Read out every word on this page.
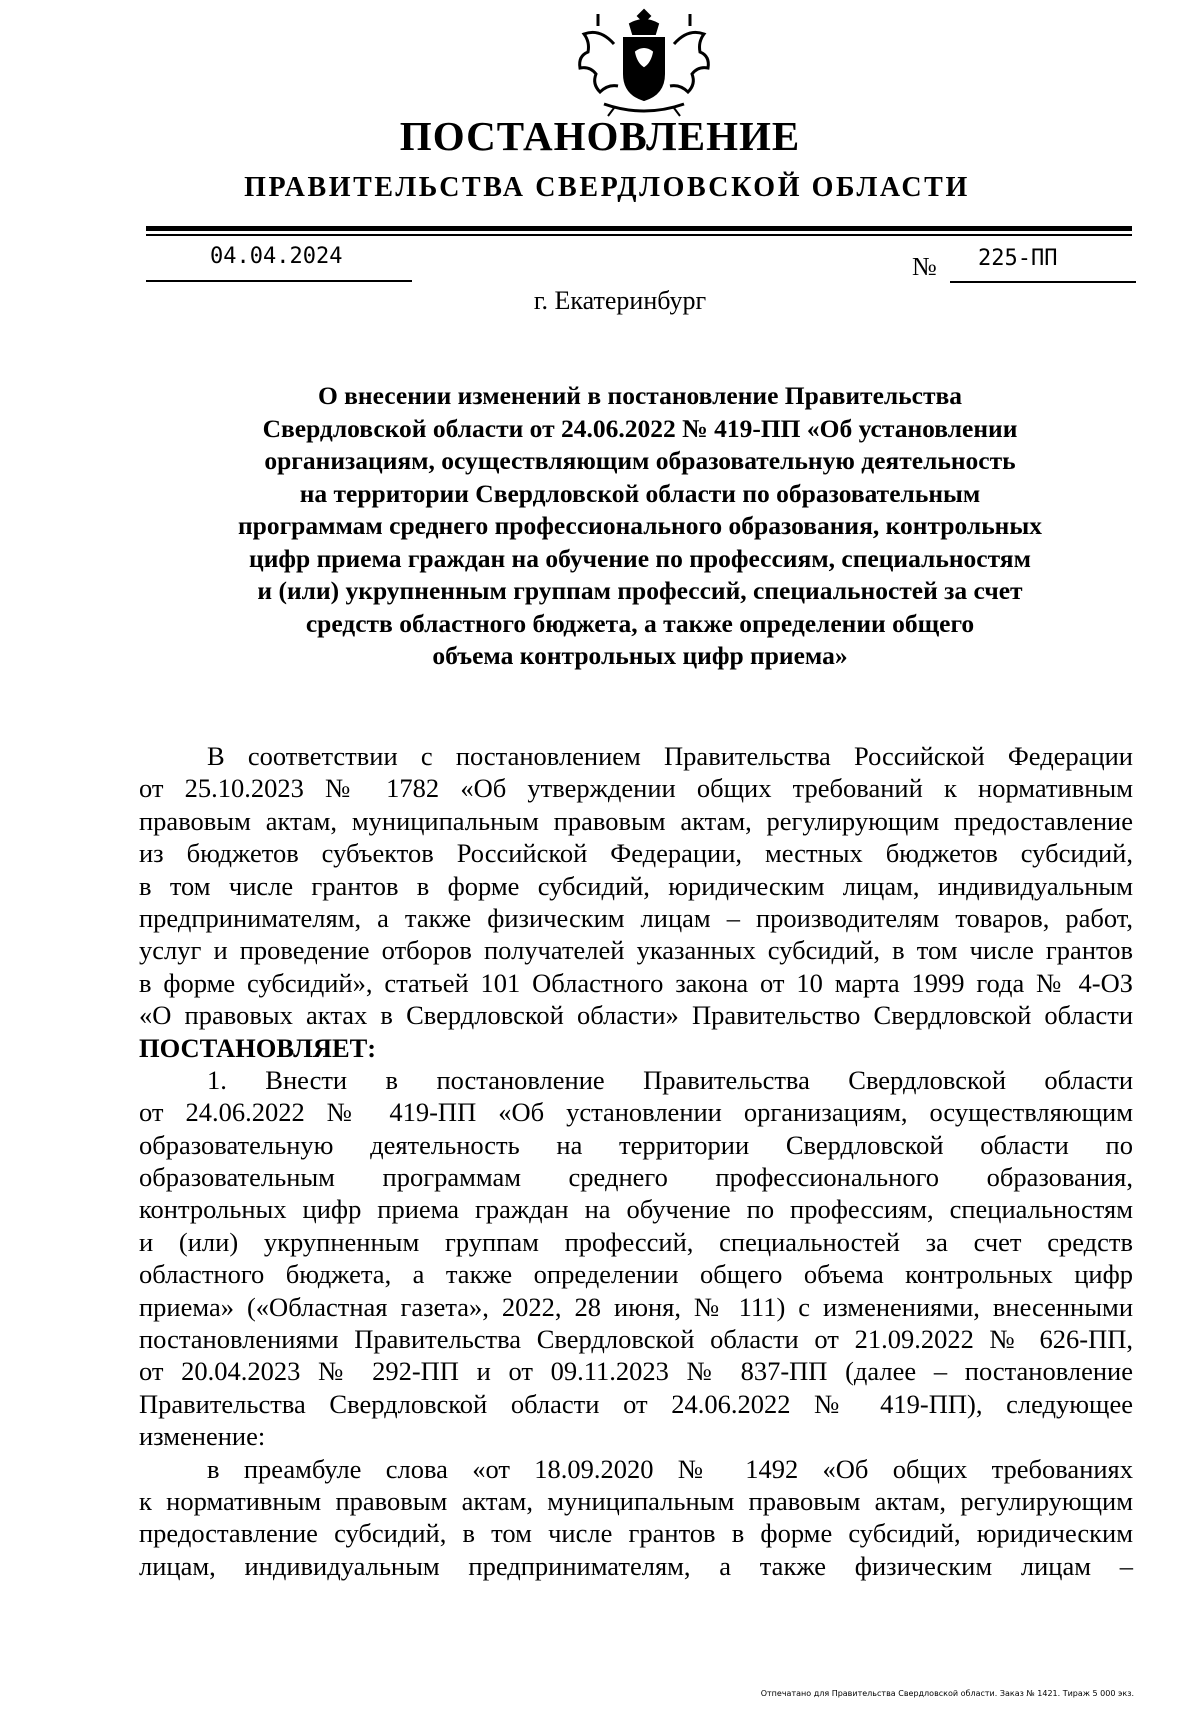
ПОСТАНОВЛЕНИЕ
ПРАВИТЕЛЬСТВА СВЕРДЛОВСКОЙ ОБЛАСТИ
04.04.2024	№ 225-ПП
г. Екатеринбург
О внесении изменений в постановление Правительства
Свердловской области от 24.06.2022 № 419-ПП «Об установлении
организациям, осуществляющим образовательную деятельность
на территории Свердловской области по образовательным
программам среднего профессионального образования, контрольных
цифр приема граждан на обучение по профессиям, специальностям
и (или) укрупненным группам профессий, специальностей за счет
средств областного бюджета, а также определении общего
объема контрольных цифр приема»
В соответствии с постановлением Правительства Российской Федерации
от 25.10.2023 № 1782 «Об утверждении общих требований к нормативным
правовым актам, муниципальным правовым актам, регулирующим предоставление
из бюджетов субъектов Российской Федерации, местных бюджетов субсидий,
в том числе грантов в форме субсидий, юридическим лицам, индивидуальным
предпринимателям, а также физическим лицам – производителям товаров, работ,
услуг и проведение отборов получателей указанных субсидий, в том числе грантов
в форме субсидий», статьей 101 Областного закона от 10 марта 1999 года № 4-ОЗ
«О правовых актах в Свердловской области» Правительство Свердловской области
ПОСТАНОВЛЯЕТ:
1. Внести в постановление Правительства Свердловской области
от 24.06.2022 № 419-ПП «Об установлении организациям, осуществляющим
образовательную деятельность на территории Свердловской области по
образовательным программам среднего профессионального образования,
контрольных цифр приема граждан на обучение по профессиям, специальностям
и (или) укрупненным группам профессий, специальностей за счет средств
областного бюджета, а также определении общего объема контрольных цифр
приема» («Областная газета», 2022, 28 июня, № 111) с изменениями, внесенными
постановлениями Правительства Свердловской области от 21.09.2022 № 626-ПП,
от 20.04.2023 № 292-ПП и от 09.11.2023 № 837-ПП (далее – постановление
Правительства Свердловской области от 24.06.2022 № 419-ПП), следующее
изменение:
в преамбуле слова «от 18.09.2020 № 1492 «Об общих требованиях
к нормативным правовым актам, муниципальным правовым актам, регулирующим
предоставление субсидий, в том числе грантов в форме субсидий, юридическим
лицам, индивидуальным предпринимателям, а также физическим лицам –
Отпечатано для Правительства Свердловской области. Заказ № 1421. Тираж 5 000 экз.
